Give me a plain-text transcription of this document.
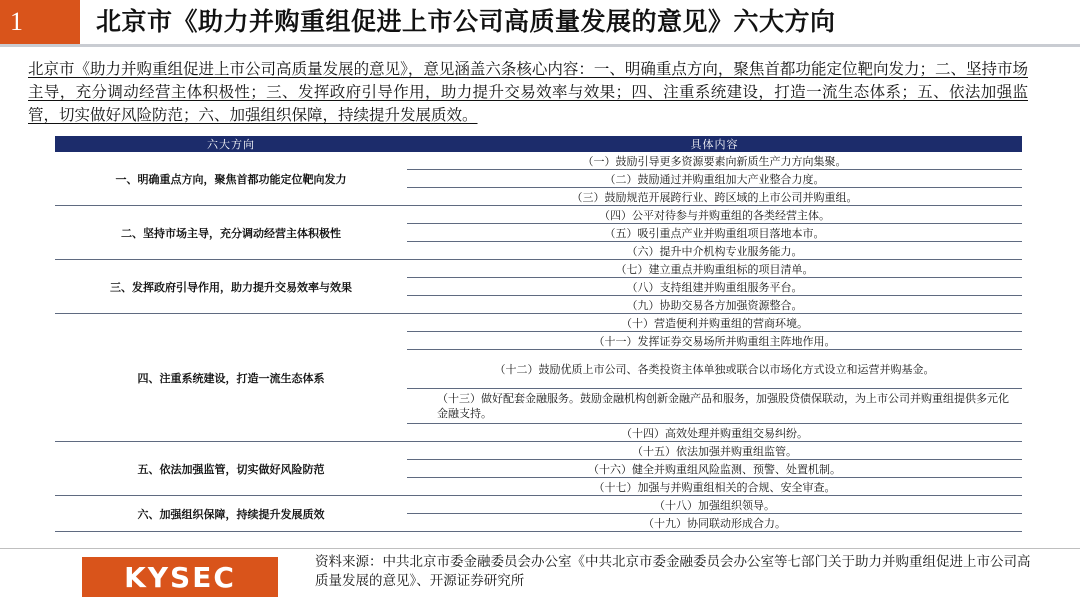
1	北京市《助力并购重组促进上市公司高质量发展的意见》六大方向
北京市《助力并购重组促进上市公司高质量发展的意见》，意见涵盖六条核心内容：一、明确重点方向，聚焦首都功能定位靶向发力；二、坚持市场主导，充分调动经营主体积极性；三、发挥政府引导作用，助力提升交易效率与效果；四、注重系统建设，打造一流生态体系；五、依法加强监管，切实做好风险防范；六、加强组织保障，持续提升发展质效。
六大方向	具体内容
一、明确重点方向，聚焦首都功能定位靶向发力	（一）鼓励引导更多资源要素向新质生产力方向集聚。
	（二）鼓励通过并购重组加大产业整合力度。
	（三）鼓励规范开展跨行业、跨区域的上市公司并购重组。
二、坚持市场主导，充分调动经营主体积极性	（四）公平对待参与并购重组的各类经营主体。
	（五）吸引重点产业并购重组项目落地本市。
	（六）提升中介机构专业服务能力。
三、发挥政府引导作用，助力提升交易效率与效果	（七）建立重点并购重组标的项目清单。
	（八）支持组建并购重组服务平台。
	（九）协助交易各方加强资源整合。
四、注重系统建设，打造一流生态体系	（十）营造便利并购重组的营商环境。
	（十一）发挥证券交易场所并购重组主阵地作用。
	（十二）鼓励优质上市公司、各类投资主体单独或联合以市场化方式设立和运营并购基金。
	（十三）做好配套金融服务。鼓励金融机构创新金融产品和服务，加强股贷债保联动，为上市公司并购重组提供多元化金融支持。
	（十四）高效处理并购重组交易纠纷。
五、依法加强监管，切实做好风险防范	（十五）依法加强并购重组监管。
	（十六）健全并购重组风险监测、预警、处置机制。
	（十七）加强与并购重组相关的合规、安全审查。
六、加强组织保障，持续提升发展质效	（十八）加强组织领导。
	（十九）协同联动形成合力。
KYSEC	资料来源：中共北京市委金融委员会办公室《中共北京市委金融委员会办公室等七部门关于助力并购重组促进上市公司高质量发展的意见》、开源证券研究所
